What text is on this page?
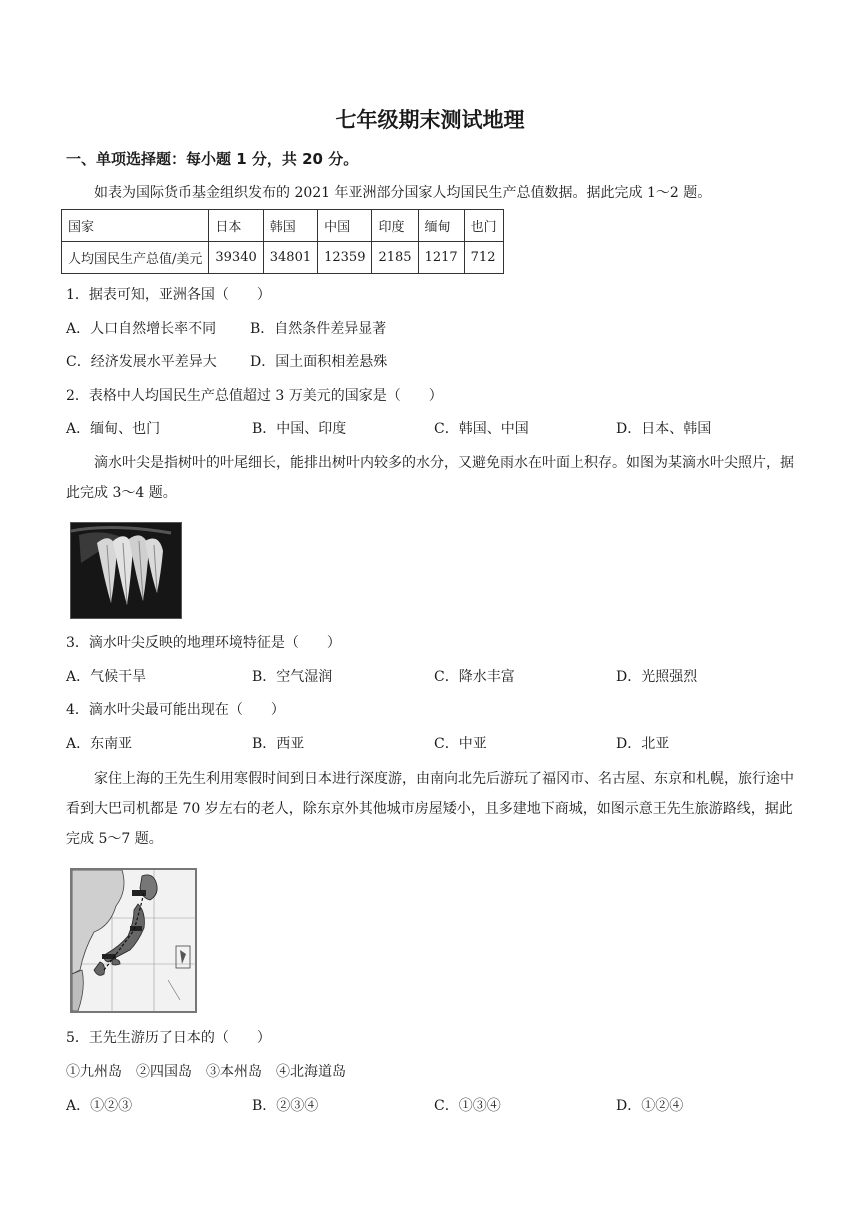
七年级期末测试地理
一、单项选择题：每小题 1 分，共 20 分。
如表为国际货币基金组织发布的 2021 年亚洲部分国家人均国民生产总值数据。据此完成 1～2 题。
国家	日本	韩国	中国	印度	缅甸	也门
人均国民生产总值/美元	39340	34801	12359	2185	1217	712
1．据表可知，亚洲各国（　　）
A．人口自然增长率不同 B．自然条件差异显著
C．经济发展水平差异大 D．国土面积相差悬殊
2．表格中人均国民生产总值超过 3 万美元的国家是（　　）
A．缅甸、也门	B．中国、印度	C．韩国、中国	D．日本、韩国
滴水叶尖是指树叶的叶尾细长，能排出树叶内较多的水分，又避免雨水在叶面上积存。如图为某滴水叶尖照片，据此完成 3～4 题。
3．滴水叶尖反映的地理环境特征是（　　）
A．气候干旱	B．空气湿润	C．降水丰富	D．光照强烈
4．滴水叶尖最可能出现在（　　）
A．东南亚	B．西亚	C．中亚	D．北亚
家住上海的王先生利用寒假时间到日本进行深度游，由南向北先后游玩了福冈市、名古屋、东京和札幌，旅行途中看到大巴司机都是 70 岁左右的老人，除东京外其他城市房屋矮小，且多建地下商城，如图示意王先生旅游路线，据此完成 5～7 题。
5．王先生游历了日本的（　　）
①九州岛　②四国岛　③本州岛　④北海道岛
A．①②③	B．②③④	C．①③④	D．①②④
